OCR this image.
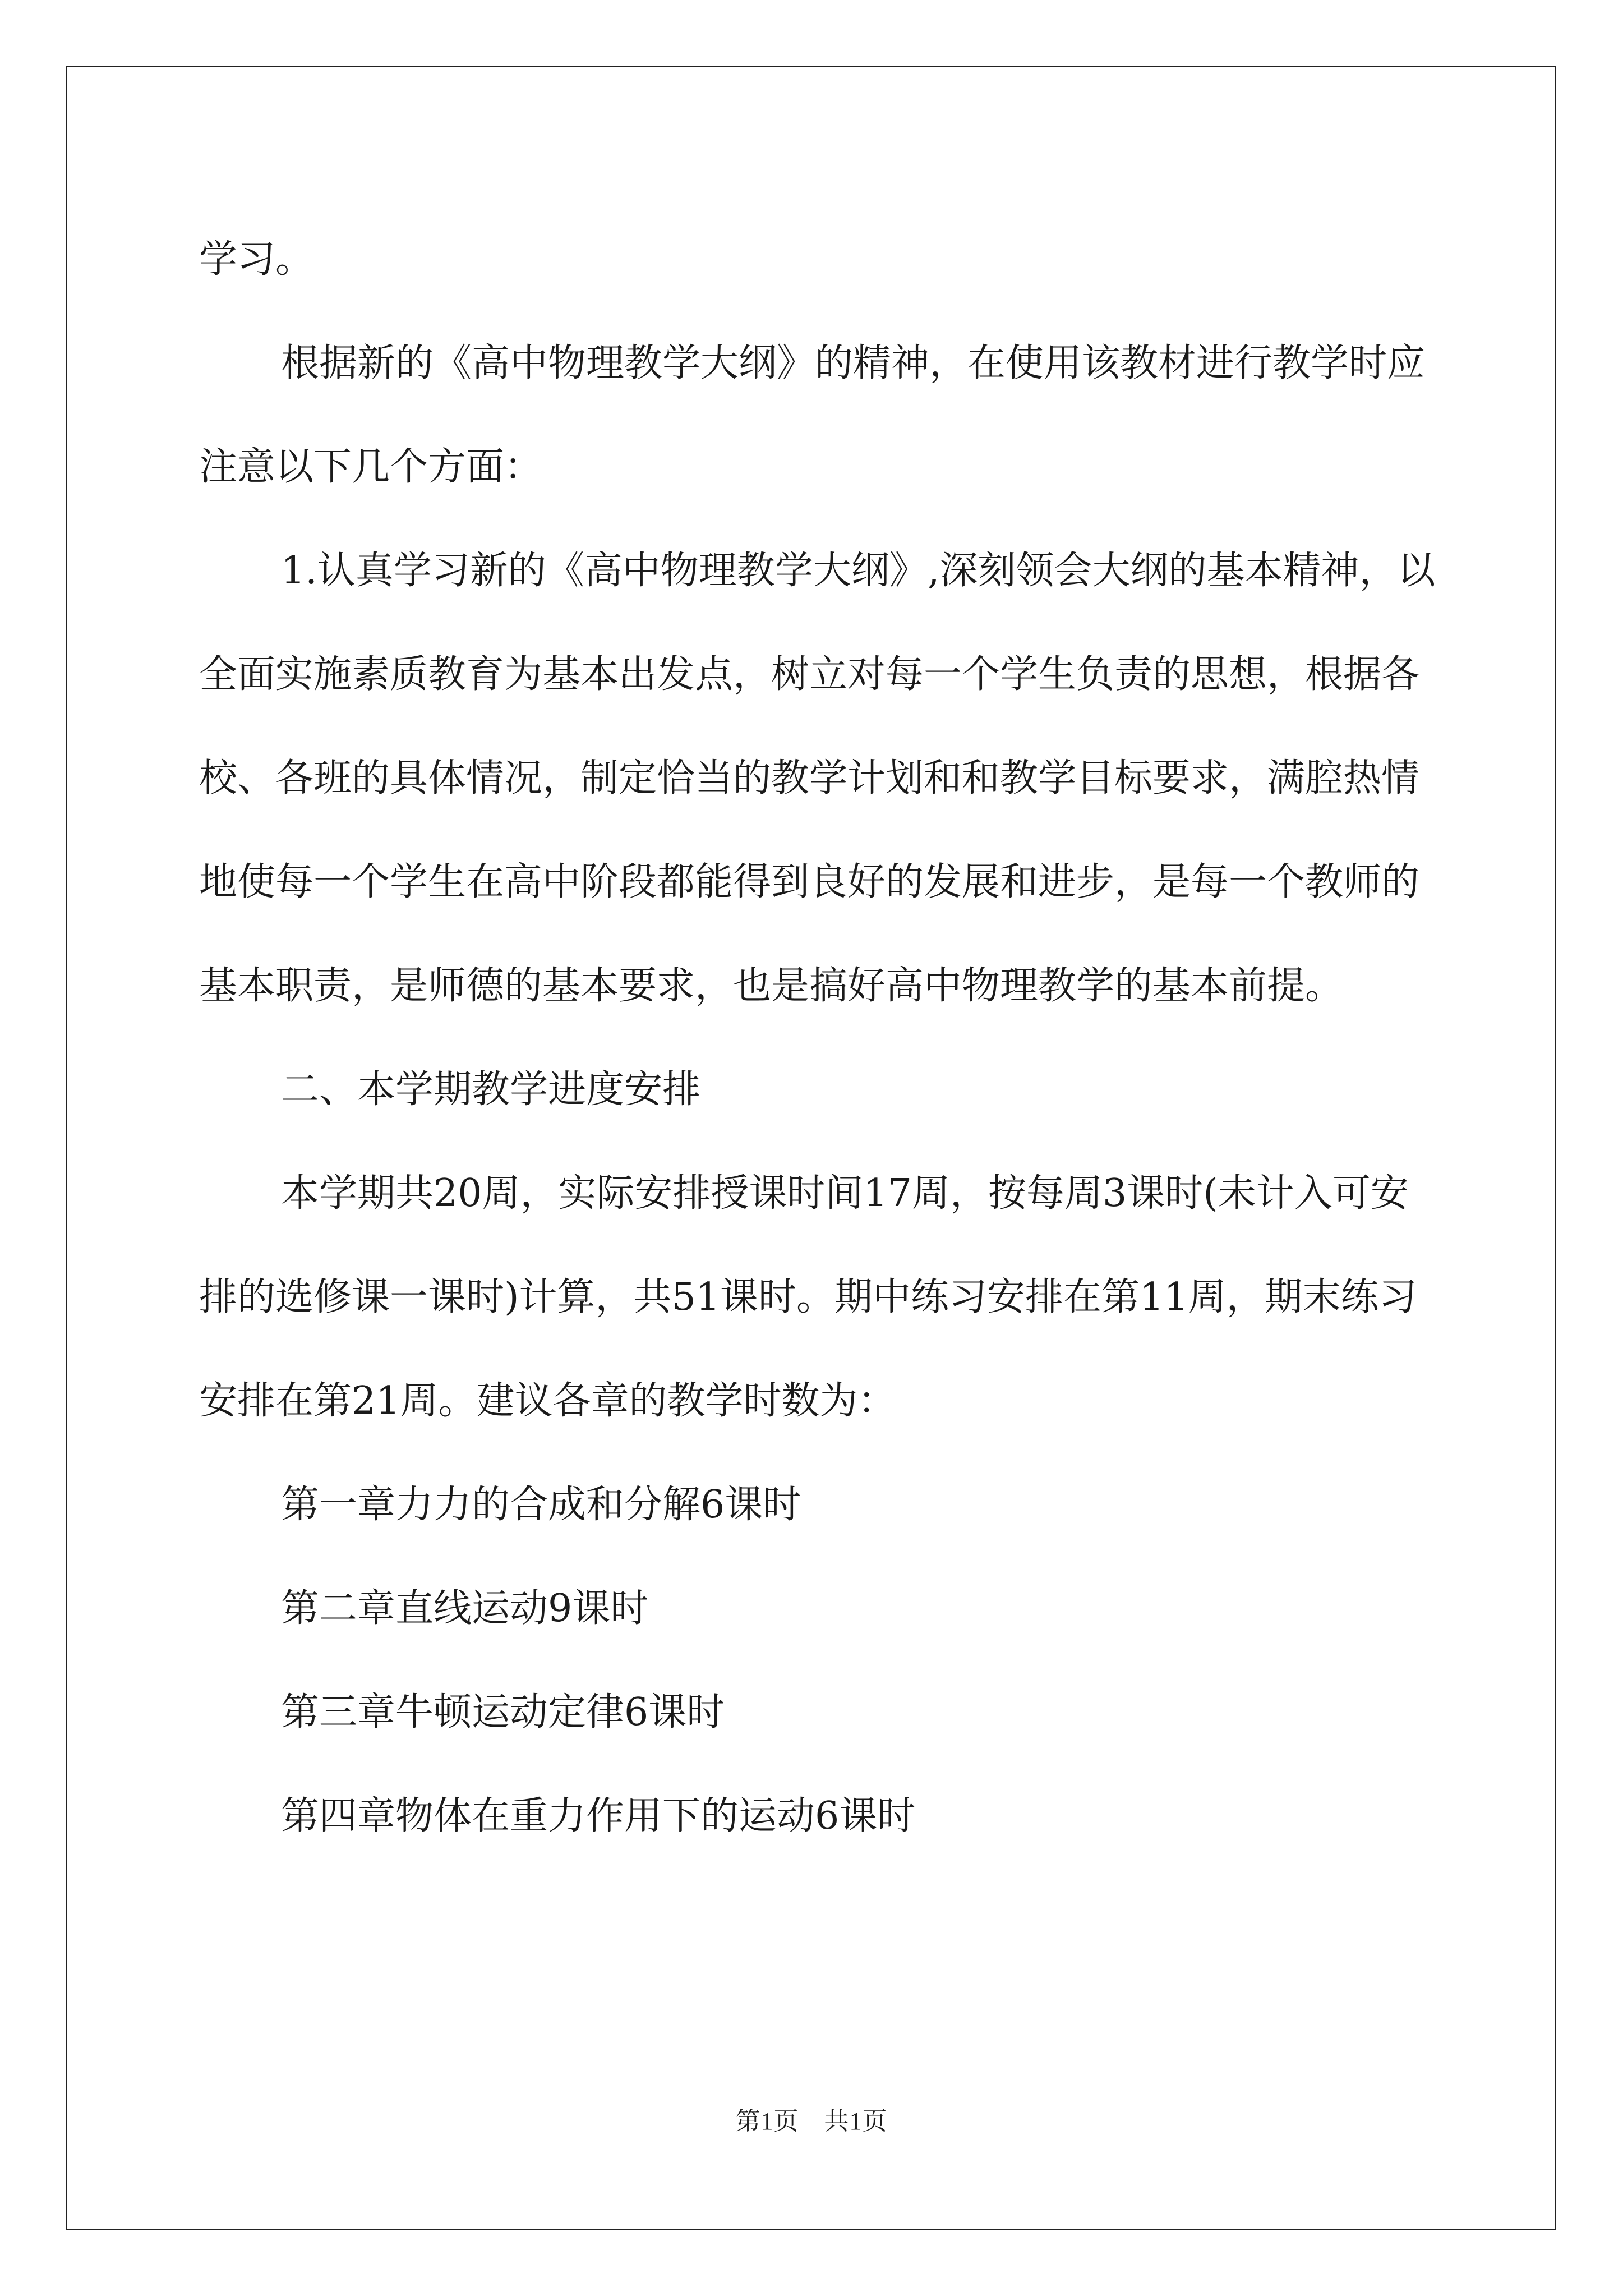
学习。

根据新的《高中物理教学大纲》的精神，在使用该教材进行教学时应注意以下几个方面：

1.认真学习新的《高中物理教学大纲》,深刻领会大纲的基本精神，以全面实施素质教育为基本出发点，树立对每一个学生负责的思想，根据各校、各班的具体情况，制定恰当的教学计划和和教学目标要求，满腔热情地使每一个学生在高中阶段都能得到良好的发展和进步，是每一个教师的基本职责，是师德的基本要求，也是搞好高中物理教学的基本前提。

二、本学期教学进度安排

本学期共20周，实际安排授课时间17周，按每周3课时(未计入可安排的选修课一课时)计算，共51课时。期中练习安排在第11周，期末练习安排在第21周。建议各章的教学时数为：

第一章力力的合成和分解6课时

第二章直线运动9课时

第三章牛顿运动定律6课时

第四章物体在重力作用下的运动6课时

第1页　共1页
